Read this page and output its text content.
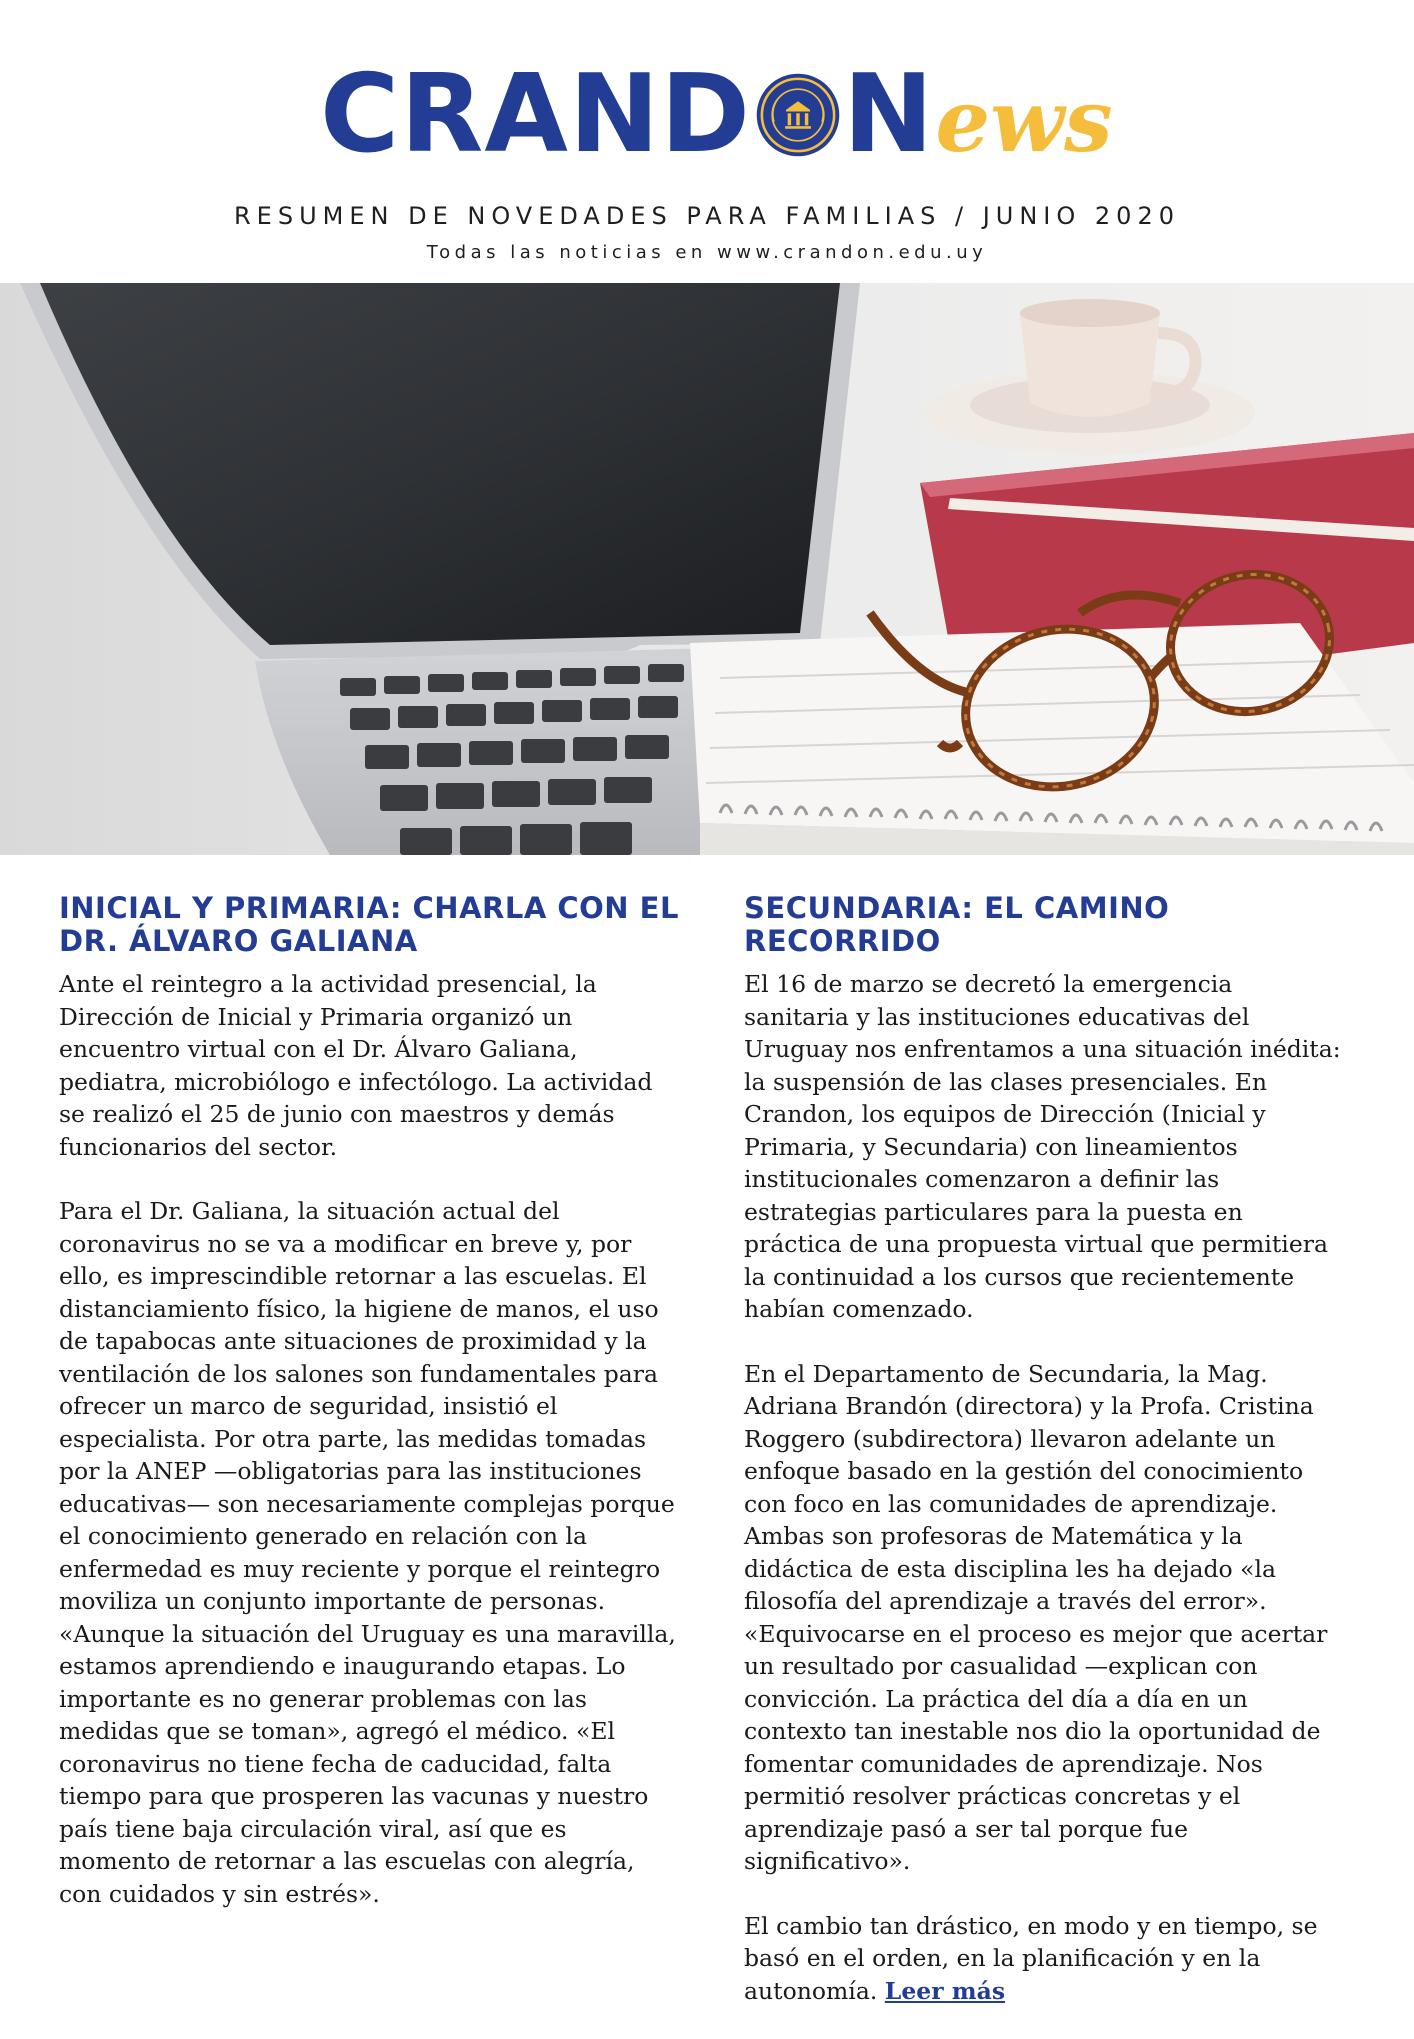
CRAND N ews
RESUMEN DE NOVEDADES PARA FAMILIAS / JUNIO 2020
Todas las noticias en www.crandon.edu.uy
INICIAL Y PRIMARIA: CHARLA CON EL DR. ÁLVARO GALIANA

Ante el reintegro a la actividad presencial, la Dirección de Inicial y Primaria organizó un encuentro virtual con el Dr. Álvaro Galiana, pediatra, microbiólogo e infectólogo. La actividad se realizó el 25 de junio con maestros y demás funcionarios del sector.

Para el Dr. Galiana, la situación actual del coronavirus no se va a modificar en breve y, por ello, es imprescindible retornar a las escuelas. El distanciamiento físico, la higiene de manos, el uso de tapabocas ante situaciones de proximidad y la ventilación de los salones son fundamentales para ofrecer un marco de seguridad, insistió el especialista. Por otra parte, las medidas tomadas por la ANEP —obligatorias para las instituciones educativas— son necesariamente complejas porque el conocimiento generado en relación con la enfermedad es muy reciente y porque el reintegro moviliza un conjunto importante de personas. «Aunque la situación del Uruguay es una maravilla, estamos aprendiendo e inaugurando etapas. Lo importante es no generar problemas con las medidas que se toman», agregó el médico. «El coronavirus no tiene fecha de caducidad, falta tiempo para que prosperen las vacunas y nuestro país tiene baja circulación viral, así que es momento de retornar a las escuelas con alegría, con cuidados y sin estrés».

SECUNDARIA: EL CAMINO RECORRIDO

El 16 de marzo se decretó la emergencia sanitaria y las instituciones educativas del Uruguay nos enfrentamos a una situación inédita: la suspensión de las clases presenciales. En Crandon, los equipos de Dirección (Inicial y Primaria, y Secundaria) con lineamientos institucionales comenzaron a definir las estrategias particulares para la puesta en práctica de una propuesta virtual que permitiera la continuidad a los cursos que recientemente habían comenzado.

En el Departamento de Secundaria, la Mag. Adriana Brandón (directora) y la Profa. Cristina Roggero (subdirectora) llevaron adelante un enfoque basado en la gestión del conocimiento con foco en las comunidades de aprendizaje. Ambas son profesoras de Matemática y la didáctica de esta disciplina les ha dejado «la filosofía del aprendizaje a través del error». «Equivocarse en el proceso es mejor que acertar un resultado por casualidad —explican con convicción. La práctica del día a día en un contexto tan inestable nos dio la oportunidad de fomentar comunidades de aprendizaje. Nos permitió resolver prácticas concretas y el aprendizaje pasó a ser tal porque fue significativo».

El cambio tan drástico, en modo y en tiempo, se basó en el orden, en la planificación y en la autonomía. Leer más
